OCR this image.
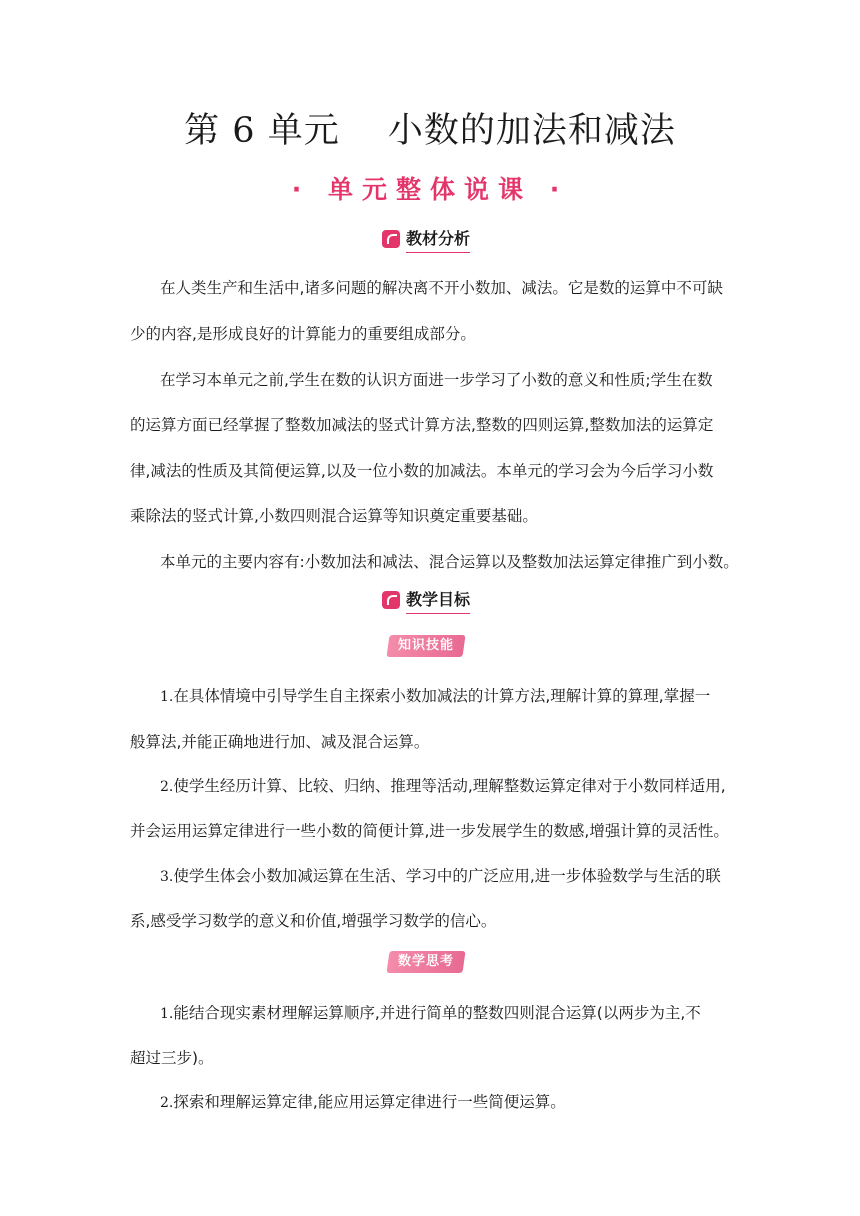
第 6 单元　 小数的加法和减法
· 单元整体说课 ·
教材分析
在人类生产和生活中,诸多问题的解决离不开小数加、减法。它是数的运算中不可缺
少的内容,是形成良好的计算能力的重要组成部分。
在学习本单元之前,学生在数的认识方面进一步学习了小数的意义和性质;学生在数
的运算方面已经掌握了整数加减法的竖式计算方法,整数的四则运算,整数加法的运算定
律,减法的性质及其简便运算,以及一位小数的加减法。本单元的学习会为今后学习小数
乘除法的竖式计算,小数四则混合运算等知识奠定重要基础。
本单元的主要内容有:小数加法和减法、混合运算以及整数加法运算定律推广到小数。
教学目标
知识技能
1.在具体情境中引导学生自主探索小数加减法的计算方法,理解计算的算理,掌握一
般算法,并能正确地进行加、减及混合运算。
2.使学生经历计算、比较、归纳、推理等活动,理解整数运算定律对于小数同样适用,
并会运用运算定律进行一些小数的简便计算,进一步发展学生的数感,增强计算的灵活性。
3.使学生体会小数加减运算在生活、学习中的广泛应用,进一步体验数学与生活的联
系,感受学习数学的意义和价值,增强学习数学的信心。
数学思考
1.能结合现实素材理解运算顺序,并进行简单的整数四则混合运算(以两步为主,不
超过三步)。
2.探索和理解运算定律,能应用运算定律进行一些简便运算。
